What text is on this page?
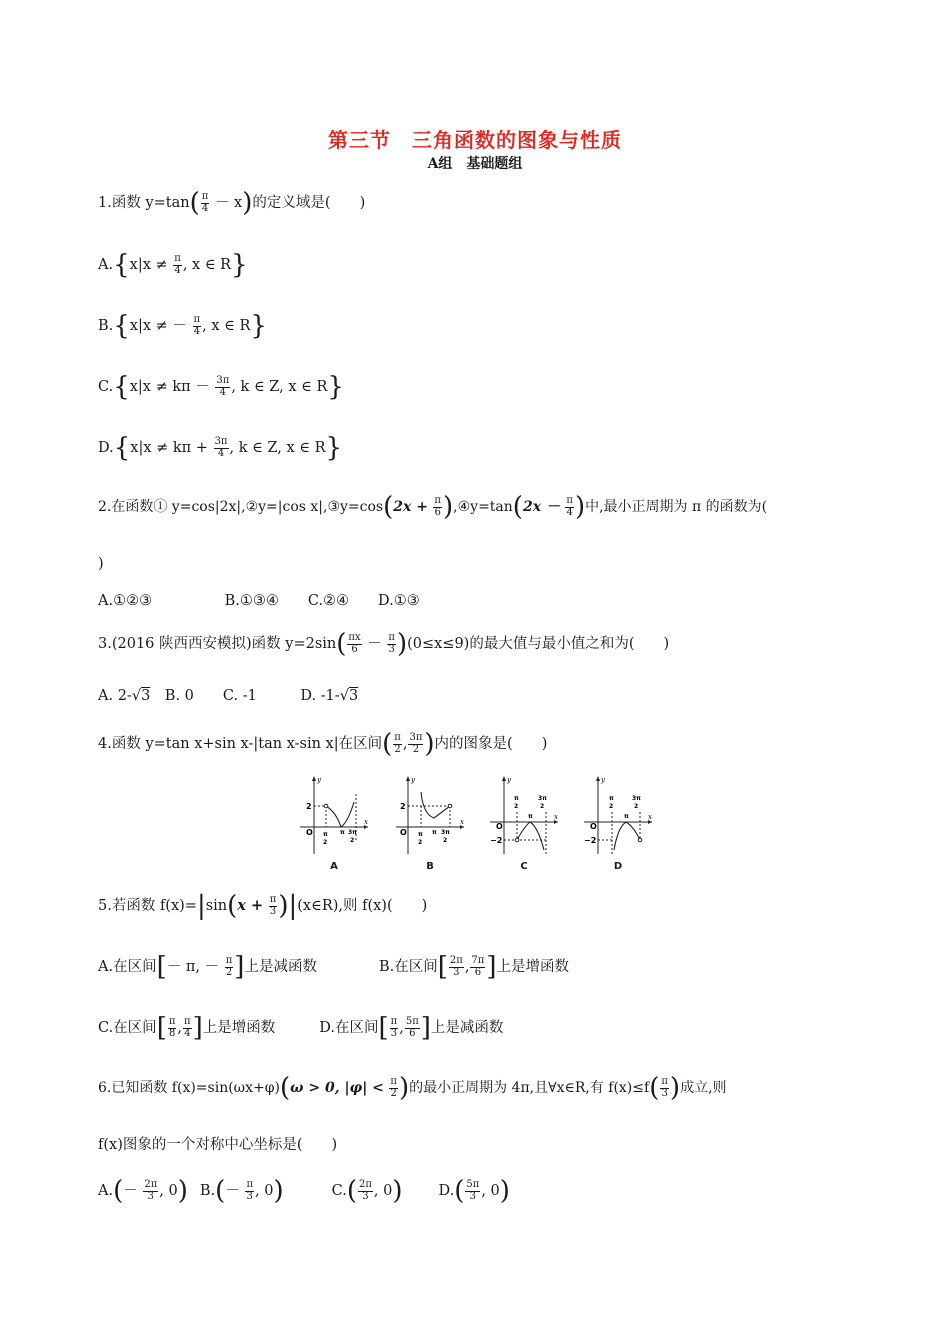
第三节　三角函数的图象与性质
A组　基础题组
1.函数 $y=\tan( \frac{\pi}{4} - x)$的定义域是(　　)
$A.\{x|x \ne \frac{\pi}{4}$ , x ∈ R}
B.{x|x ≠ － $\frac{\pi}{4}$ , x ∈ R}
$C.\{x|x \ne k\pi - \frac{3\pi}{4}$ , k ∈ Z, x ∈ R}
$D.\{x|x \ne k\pi + \frac{3\pi}{4}$ , k ∈ Z, x ∈ R}
2.在函数① y=cos|2x|,②y=|cos x|,③y=cos(2x + $\frac{\pi}{6}$ ),④y=tan(2x － $\frac{\pi}{4}$ )中,最小正周期为 π 的函数为(
)
A.①②③　　　　　B.①③④　　C.②④　　D.①③
3.(2016 陕西西安模拟)函数 $y=2\sin( \frac{\pi x}{6} - \frac{\pi}{3} )(0\le x\le 9)$的最大值与最小值之和为(　　)
A. 2-√3　B. 0　　C. -1　　　D. -1-√3
4.函数 y=tan x+sin x-|tan x-sin x|在区间( $\frac{\pi}{2}$ , $\frac{3\pi}{2}$ )内的图象是(　　)
y
x
2
O π
2
π 3π
2
A
y
x
2
O π
2
π 3π
2
B
y
x
O
−2
π
2
π
3π
2
C
y
x
O
−2
π
2
π
3π
2
D
5.若函数 $f(x)=|\sin(x + \frac{\pi}{3}$ )|(x∈R),则 f(x)(　　)
A.在区间[－ π, － $\frac{\pi}{2}$ ]上是减函数	B.在区间[ $\frac{2\pi}{3}$ , $\frac{7\pi}{6}$ ]上是增函数
C.在区间[ $\frac{\pi}{8}$ , $\frac{\pi}{4}$ ]上是增函数	D.在区间[ $\frac{\pi}{3}$ , $\frac{5\pi}{6}$ ]上是减函数
6.已知函数 f(x)=sin(ωx+φ)(ω > 0, $|\varphi| < \frac{\pi}{2}$ )的最小正周期为 4π,且∀x∈R,有 $f(x)\le f( \frac{\pi}{3}$ )成立,则
f(x)图象的一个对称中心坐标是(　　)
$A.(- \frac{2\pi}{3}$ , 0) $B.(- \frac{\pi}{3}$ , 0)	$C.( \frac{2\pi}{3}$ , 0) $D.( \frac{5\pi}{3}$ , 0)
